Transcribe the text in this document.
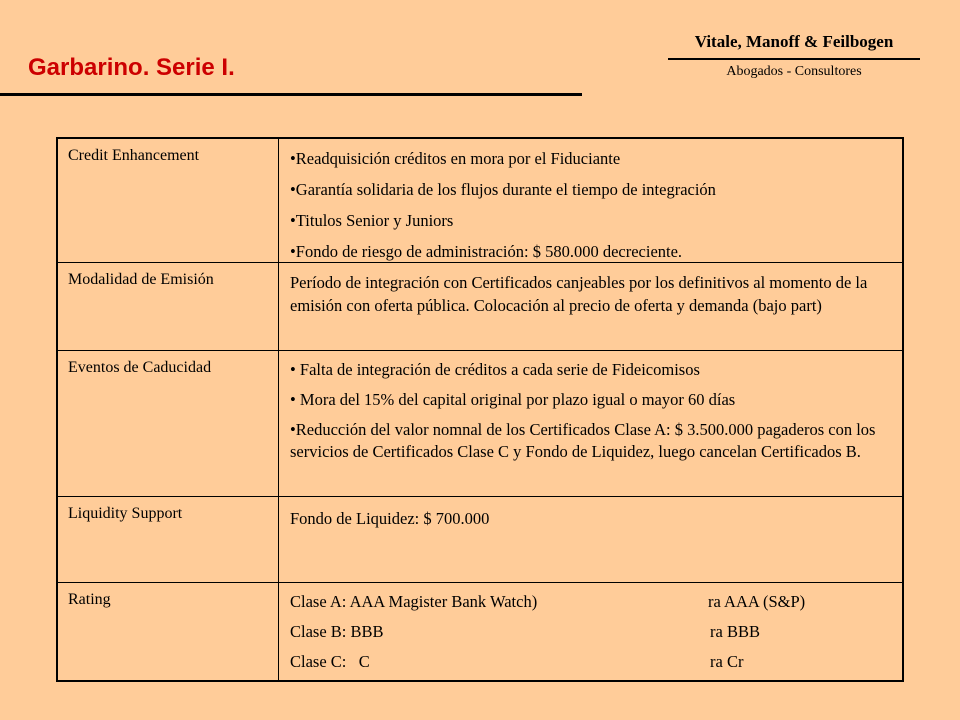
Garbarino. Serie I.
Vitale, Manoff & Feilbogen
Abogados - Consultores
Credit Enhancement	•Readquisición créditos en mora por el Fiduciante

•Garantía solidaria de los flujos durante el tiempo de integración

•Titulos Senior y Juniors

•Fondo de riesgo de administración: $ 580.000 decreciente.

Modalidad de Emisión	Período de integración con Certificados canjeables por los definitivos al momento de la emisión con oferta pública. Colocación al precio de oferta y demanda (bajo part)

Eventos de Caducidad	• Falta de integración de créditos a cada serie de Fideicomisos

• Mora del 15% del capital original por plazo igual o mayor 60 días

•Reducción del valor nomnal de los Certificados Clase A: $ 3.500.000 pagaderos con los servicios de Certificados Clase C y Fondo de Liquidez, luego cancelan Certificados B.

Liquidity Support	Fondo de Liquidez: $ 700.000

Rating	Clase A: AAA Magister Bank Watch)	ra AAA (S&P)
Clase B: BBB	ra BBB
Clase C:   C	ra Cr
